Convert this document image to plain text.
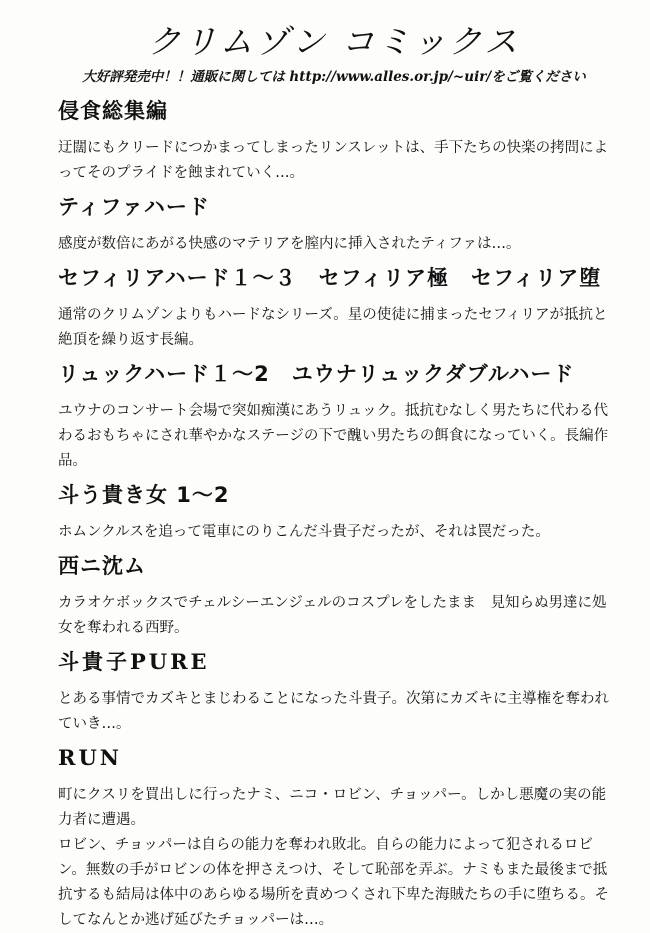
クリムゾン コミックス
大好評発売中！！通販に関しては http://www.alles.or.jp/~uir/をご覧ください
侵食総集編

迂闊にもクリードにつかまってしまったリンスレットは、手下たちの快楽の拷問によってそのプライドを蝕まれていく…。

ティファハード

感度が数倍にあがる快感のマテリアを膣内に挿入されたティファは…。

セフィリアハード１～３　セフィリア極　セフィリア堕

通常のクリムゾンよりもハードなシリーズ。星の使徒に捕まったセフィリアが抵抗と絶頂を繰り返す長編。

リュックハード１～2　ユウナリュックダブルハード

ユウナのコンサート会場で突如痴漢にあうリュック。抵抗むなしく男たちに代わる代わるおもちゃにされ華やかなステージの下で醜い男たちの餌食になっていく。長編作品。

斗う貴き女 1～2

ホムンクルスを追って電車にのりこんだ斗貴子だったが、それは罠だった。

西ニ沈ム

カラオケボックスでチェルシーエンジェルのコスプレをしたまま　見知らぬ男達に処女を奪われる西野。

斗貴子PURE

とある事情でカズキとまじわることになった斗貴子。次第にカズキに主導権を奪われていき…。

RUN

町にクスリを買出しに行ったナミ、ニコ・ロビン、チョッパー。しかし悪魔の実の能力者に遭遇。

ロビン、チョッパーは自らの能力を奪われ敗北。自らの能力によって犯されるロビン。無数の手がロビンの体を押さえつけ、そして恥部を弄ぶ。ナミもまた最後まで抵抗するも結局は体中のあらゆる場所を責めつくされ下卑た海賊たちの手に堕ちる。そしてなんとか逃げ延びたチョッパーは…。
